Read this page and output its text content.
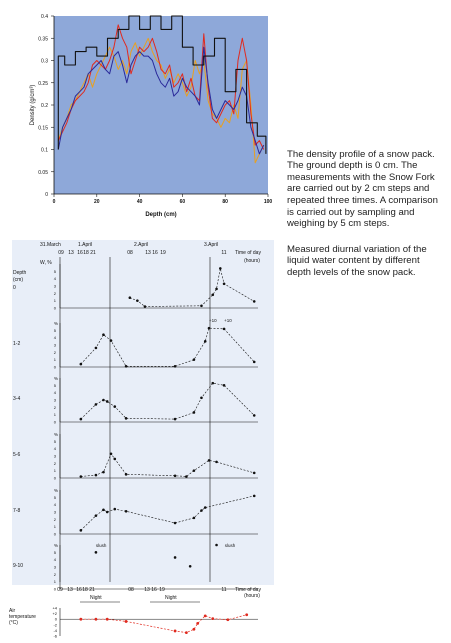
0
0.05
0.1
0.15
0.2
0.25
0.3
0.35
0.4
0	20	40	60	80	100
Density (g/cm³)
Depth (cm)

The density profile of a snow pack. The ground depth is 0 cm. The measurements with the Snow Fork are carried out by 2 cm steps and repeated three times. A comparison is carried out by sampling and weighing by 5 cm steps.

Measured diurnal variation of the liquid water content by different depth levels of the snow pack.

31.March	1.April	2.April	3.April
09 13 16 18 21	08 13 16 19	11 Time of day
(hours)
Depth
(cm)
W, %
09 13 16 18 21	08 13 16 19	11 Time of day
(hours)
Night	Night
5
4
3
2
1
0
0
5
4
3
2
1
0
%
1-2
+10 +10
5
4
3
2
1
0
%
3-4
5
4
3
2
1
0
%
5-6
5
4
3
2
1
0
%
7-8
5
4
3
2
1
0
%
9-10
slush	slush
Air
temperature
(°C)
+4
+2
0
-2
-4
-6
